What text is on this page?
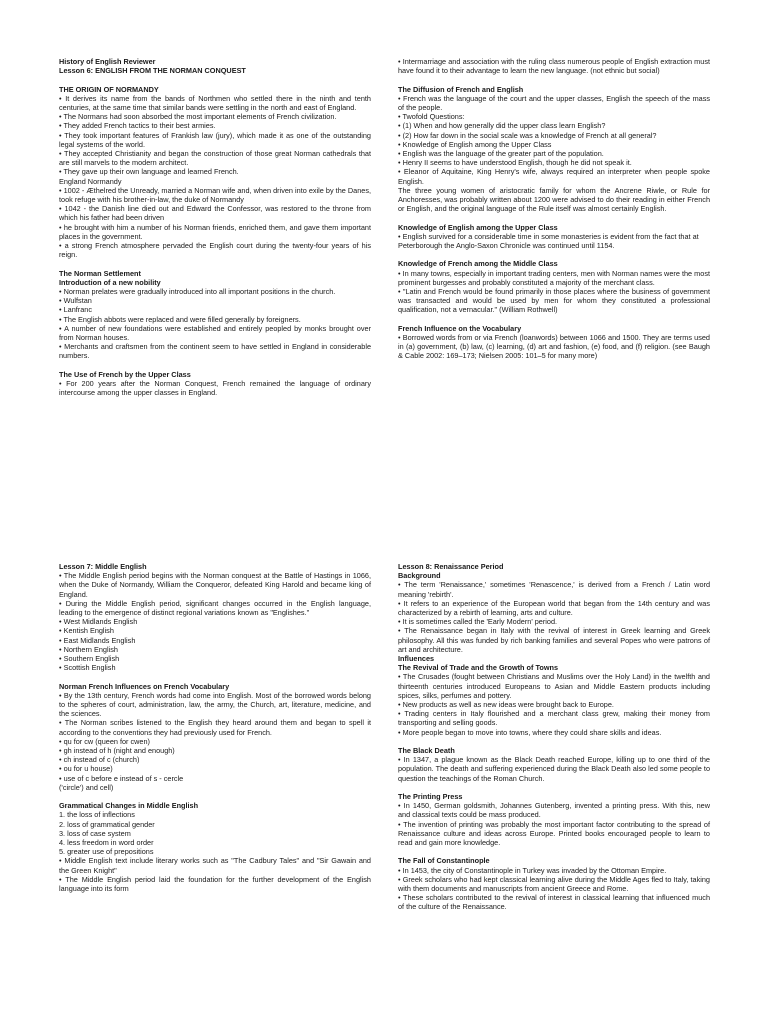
History of English Reviewer

Lesson 6: ENGLISH FROM THE NORMAN CONQUEST

THE ORIGIN OF NORMANDY

• It derives its name from the bands of Northmen who settled there in the ninth and tenth centuries, at the same time that similar bands were settling in the north and east of England.

• The Normans had soon absorbed the most important elements of French civilization.

• They added French tactics to their best armies.

• They took important features of Frankish law (jury), which made it as one of the outstanding legal systems of the world.

• They accepted Christianity and began the construction of those great Norman cathedrals that are still marvels to the modern architect.

• They gave up their own language and learned French.

England Normandy

• 1002 - Æthelred the Unready, married a Norman wife and, when driven into exile by the Danes, took refuge with his brother-in-law, the duke of Normandy

• 1042 - the Danish line died out and Edward the Confessor, was restored to the throne from which his father had been driven

• he brought with him a number of his Norman friends, enriched them, and gave them important places in the government.

• a strong French atmosphere pervaded the English court during the twenty-four years of his reign.

The Norman Settlement

Introduction of a new nobility

• Norman prelates were gradually introduced into all important positions in the church.

• Wulfstan

• Lanfranc

• The English abbots were replaced and were filled generally by foreigners.

• A number of new foundations were established and entirely peopled by monks brought over from Norman houses.

• Merchants and craftsmen from the continent seem to have settled in England in considerable numbers.

The Use of French by the Upper Class

• For 200 years after the Norman Conquest, French remained the language of ordinary intercourse among the upper classes in England.

• Intermarriage and association with the ruling class numerous people of English extraction must have found it to their advantage to learn the new language. (not ethnic but social)

The Diffusion of French and English

• French was the language of the court and the upper classes, English the speech of the mass of the people.

• Twofold Questions:

• (1) When and how generally did the upper class learn English?

• (2) How far down in the social scale was a knowledge of French at all general?

• Knowledge of English among the Upper Class

• English was the language of the greater part of the population.

• Henry II seems to have understood English, though he did not speak it.

• Eleanor of Aquitaine, King Henry's wife, always required an interpreter when people spoke English.

The three young women of aristocratic family for whom the Ancrene Riwle, or Rule for Anchoresses, was probably written about 1200 were advised to do their reading in either French or English, and the original language of the Rule itself was almost certainly English.

Knowledge of English among the Upper Class

• English survived for a considerable time in some monasteries is evident from the fact that at

Peterborough the Anglo-Saxon Chronicle was continued until 1154.

Knowledge of French among the Middle Class

• In many towns, especially in important trading centers, men with Norman names were the most prominent burgesses and probably constituted a majority of the merchant class.

• "Latin and French would be found primarily in those places where the business of government was transacted and would be used by men for whom they constituted a professional qualification, not a vernacular." (William Rothwell)

French Influence on the Vocabulary

• Borrowed words from or via French (loanwords) between 1066 and 1500. They are terms used in (a) government, (b) law, (c) learning, (d) art and fashion, (e) food, and (f) religion. (see Baugh & Cable 2002: 169–173; Nielsen 2005: 101–5 for many more)

Lesson 7: Middle English

• The Middle English period begins with the Norman conquest at the Battle of Hastings in 1066, when the Duke of Normandy, William the Conqueror, defeated King Harold and became king of England.

• During the Middle English period, significant changes occurred in the English language, leading to the emergence of distinct regional variations known as "Englishes."

• West Midlands English

• Kentish English

• East Midlands English

• Northern English

• Southern English

• Scottish English

Norman French Influences on French Vocabulary

• By the 13th century, French words had come into English. Most of the borrowed words belong to the spheres of court, administration, law, the army, the Church, art, literature, medicine, and the sciences.

• The Norman scribes listened to the English they heard around them and began to spell it according to the conventions they had previously used for French.

• qu for cw (queen for cwen)

• gh instead of h (night and enough)

• ch instead of c (church)

• ou for u house)

• use of c before e instead of s - cercle

('circle') and cell)

Grammatical Changes in Middle English

1. the loss of inflections

2. loss of grammatical gender

3. loss of case system

4. less freedom in word order

5. greater use of prepositions

• Middle English text include literary works such as "The Cadbury Tales" and "Sir Gawain and the Green Knight"

• The Middle English period laid the foundation for the further development of the English language into its form

Lesson 8: Renaissance Period

Background

• The term 'Renaissance,' sometimes 'Renascence,' is derived from a French / Latin word meaning 'rebirth'.

• It refers to an experience of the European world that began from the 14th century and was characterized by a rebirth of learning, arts and culture.

• It is sometimes called the 'Early Modern' period.

• The Renaissance began in Italy with the revival of interest in Greek learning and Greek philosophy. All this was funded by rich banking families and several Popes who were patrons of art and architecture.

Influences

The Revival of Trade and the Growth of Towns

• The Crusades (fought between Christians and Muslims over the Holy Land) in the twelfth and thirteenth centuries introduced Europeans to Asian and Middle Eastern products including spices, silks, perfumes and pottery.

• New products as well as new ideas were brought back to Europe.

• Trading centers in Italy flourished and a merchant class grew, making their money from transporting and selling goods.

• More people began to move into towns, where they could share skills and ideas.

The Black Death

• In 1347, a plague known as the Black Death reached Europe, killing up to one third of the population. The death and suffering experienced during the Black Death also led some people to question the teachings of the Roman Church.

The Printing Press

• In 1450, German goldsmith, Johannes Gutenberg, invented a printing press. With this, new and classical texts could be mass produced.

• The invention of printing was probably the most important factor contributing to the spread of Renaissance culture and ideas across Europe. Printed books encouraged people to learn to read and gain more knowledge.

The Fall of Constantinople

• In 1453, the city of Constantinople in Turkey was invaded by the Ottoman Empire.

• Greek scholars who had kept classical learning alive during the Middle Ages fled to Italy, taking with them documents and manuscripts from ancient Greece and Rome.

• These scholars contributed to the revival of interest in classical learning that influenced much of the culture of the Renaissance.
